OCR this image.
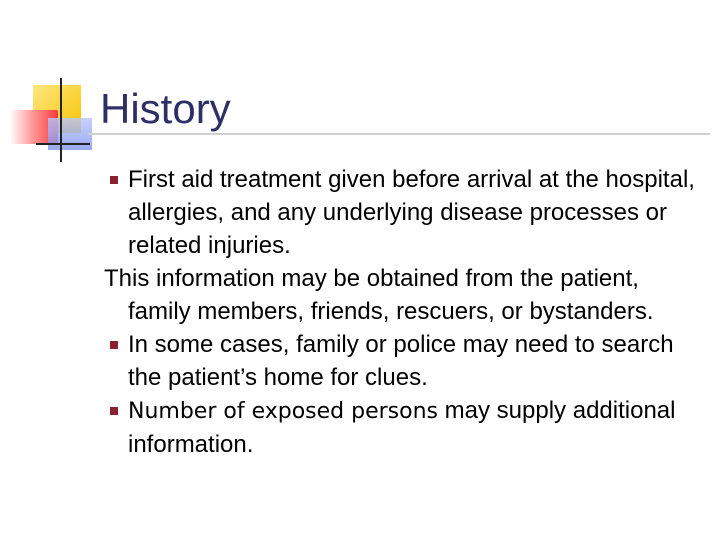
History

First aid treatment given before arrival at the hospital, allergies, and any underlying disease processes or related injuries.

This information may be obtained from the patient, family members, friends, rescuers, or bystanders.

In some cases, family or police may need to search the patient’s home for clues.

Number of exposed persons may supply additional information.
